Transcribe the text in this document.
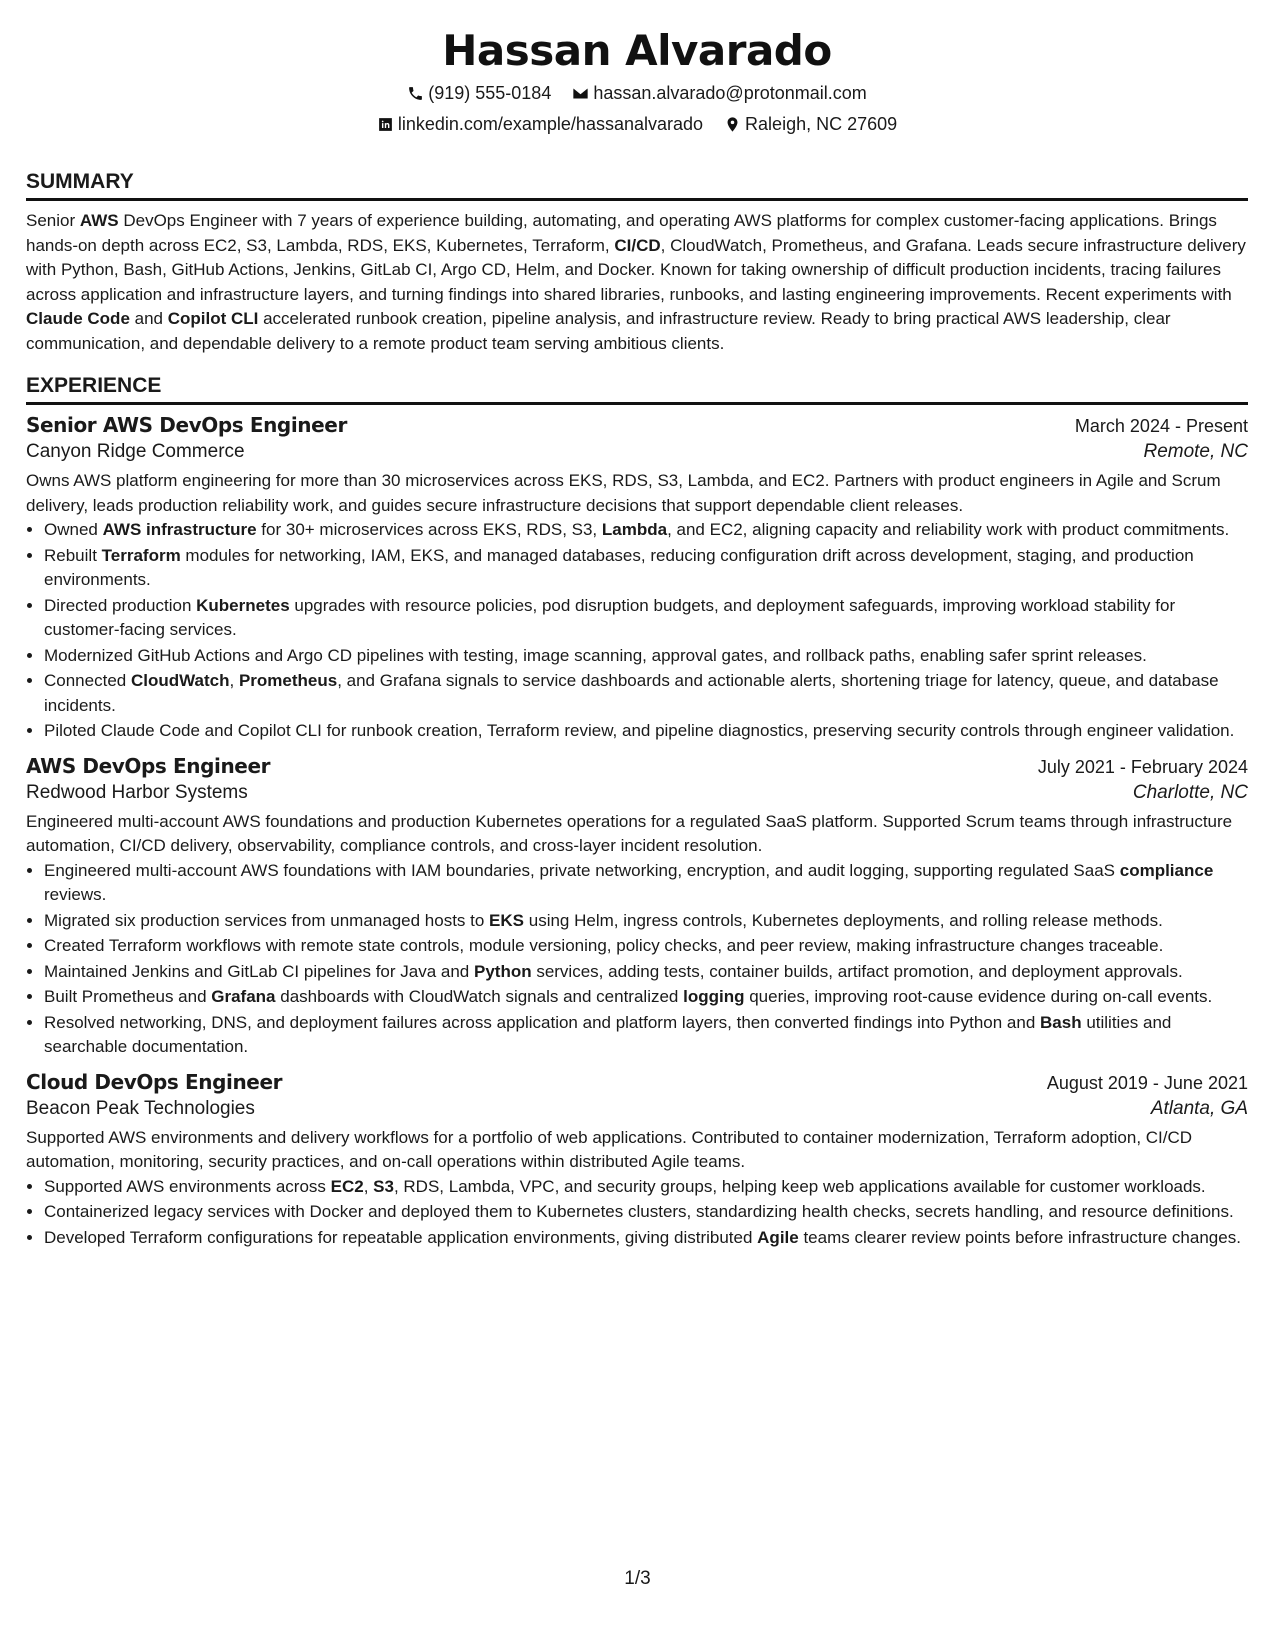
Hassan Alvarado
(919) 555-0184
hassan.alvarado@protonmail.com
linkedin.com/example/hassanalvarado
Raleigh, NC 27609
SUMMARY

Senior AWS DevOps Engineer with 7 years of experience building, automating, and operating AWS platforms for complex customer-facing applications. Brings hands-on depth across EC2, S3, Lambda, RDS, EKS, Kubernetes, Terraform, CI/CD, CloudWatch, Prometheus, and Grafana. Leads secure infrastructure delivery with Python, Bash, GitHub Actions, Jenkins, GitLab CI, Argo CD, Helm, and Docker. Known for taking ownership of difficult production incidents, tracing failures across application and infrastructure layers, and turning findings into shared libraries, runbooks, and lasting engineering improvements. Recent experiments with Claude Code and Copilot CLI accelerated runbook creation, pipeline analysis, and infrastructure review. Ready to bring practical AWS leadership, clear communication, and dependable delivery to a remote product team serving ambitious clients.

EXPERIENCE
Senior AWS DevOps Engineer	March 2024 - Present
Canyon Ridge Commerce	Remote, NC

Owns AWS platform engineering for more than 30 microservices across EKS, RDS, S3, Lambda, and EC2. Partners with product engineers in Agile and Scrum delivery, leads production reliability work, and guides secure infrastructure decisions that support dependable client releases.

• Owned AWS infrastructure for 30+ microservices across EKS, RDS, S3, Lambda, and EC2, aligning capacity and reliability work with product commitments.
• Rebuilt Terraform modules for networking, IAM, EKS, and managed databases, reducing configuration drift across development, staging, and production environments.
• Directed production Kubernetes upgrades with resource policies, pod disruption budgets, and deployment safeguards, improving workload stability for customer-facing services.
• Modernized GitHub Actions and Argo CD pipelines with testing, image scanning, approval gates, and rollback paths, enabling safer sprint releases.
• Connected CloudWatch, Prometheus, and Grafana signals to service dashboards and actionable alerts, shortening triage for latency, queue, and database incidents.
• Piloted Claude Code and Copilot CLI for runbook creation, Terraform review, and pipeline diagnostics, preserving security controls through engineer validation.
AWS DevOps Engineer	July 2021 - February 2024
Redwood Harbor Systems	Charlotte, NC

Engineered multi-account AWS foundations and production Kubernetes operations for a regulated SaaS platform. Supported Scrum teams through infrastructure automation, CI/CD delivery, observability, compliance controls, and cross-layer incident resolution.

• Engineered multi-account AWS foundations with IAM boundaries, private networking, encryption, and audit logging, supporting regulated SaaS compliance reviews.
• Migrated six production services from unmanaged hosts to EKS using Helm, ingress controls, Kubernetes deployments, and rolling release methods.
• Created Terraform workflows with remote state controls, module versioning, policy checks, and peer review, making infrastructure changes traceable.
• Maintained Jenkins and GitLab CI pipelines for Java and Python services, adding tests, container builds, artifact promotion, and deployment approvals.
• Built Prometheus and Grafana dashboards with CloudWatch signals and centralized logging queries, improving root-cause evidence during on-call events.
• Resolved networking, DNS, and deployment failures across application and platform layers, then converted findings into Python and Bash utilities and searchable documentation.
Cloud DevOps Engineer	August 2019 - June 2021
Beacon Peak Technologies	Atlanta, GA

Supported AWS environments and delivery workflows for a portfolio of web applications. Contributed to container modernization, Terraform adoption, CI/CD automation, monitoring, security practices, and on-call operations within distributed Agile teams.

• Supported AWS environments across EC2, S3, RDS, Lambda, VPC, and security groups, helping keep web applications available for customer workloads.
• Containerized legacy services with Docker and deployed them to Kubernetes clusters, standardizing health checks, secrets handling, and resource definitions.
• Developed Terraform configurations for repeatable application environments, giving distributed Agile teams clearer review points before infrastructure changes.
1/3
